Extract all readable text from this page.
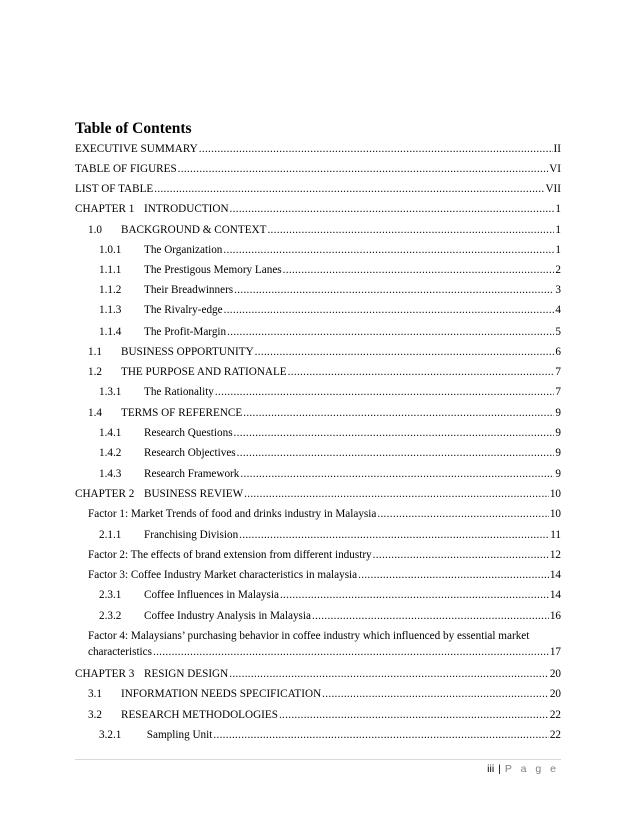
Table of Contents
EXECUTIVE SUMMARY .....	II
TABLE OF FIGURES .....	VI
LIST OF TABLE .....	VII
CHAPTER 1 INTRODUCTION .....	1
1.0 BACKGROUND & CONTEXT .....	1
1.0.1 The Organization .....	1
1.1.1 The Prestigous Memory Lanes .....	2
1.1.2 Their Breadwinners .....	3
1.1.3 The Rivalry-edge .....	4
1.1.4 The Profit-Margin .....	5
1.1 BUSINESS OPPORTUNITY .....	6
1.2 THE PURPOSE AND RATIONALE .....	7
1.3.1 The Rationality .....	7
1.4 TERMS OF REFERENCE .....	9
1.4.1 Research Questions .....	9
1.4.2 Research Objectives .....	9
1.4.3 Research Framework .....	9
CHAPTER 2 BUSINESS REVIEW .....	10
Factor 1: Market Trends of food and drinks industry in Malaysia .....	10
2.1.1 Franchising Division .....	11
Factor 2: The effects of brand extension from different industry .....	12
Factor 3: Coffee Industry Market characteristics in malaysia .....	14
2.3.1 Coffee Influences in Malaysia .....	14
2.3.2 Coffee Industry Analysis in Malaysia .....	16
Factor 4: Malaysians’ purchasing behavior in coffee industry which influenced by essential market
characteristics .....	17
CHAPTER 3 RESIGN DESIGN .....	20
3.1 INFORMATION NEEDS SPECIFICATION .....	20
3.2 RESEARCH METHODOLOGIES .....	22
3.2.1 Sampling Unit .....	22
iii | P a g e
